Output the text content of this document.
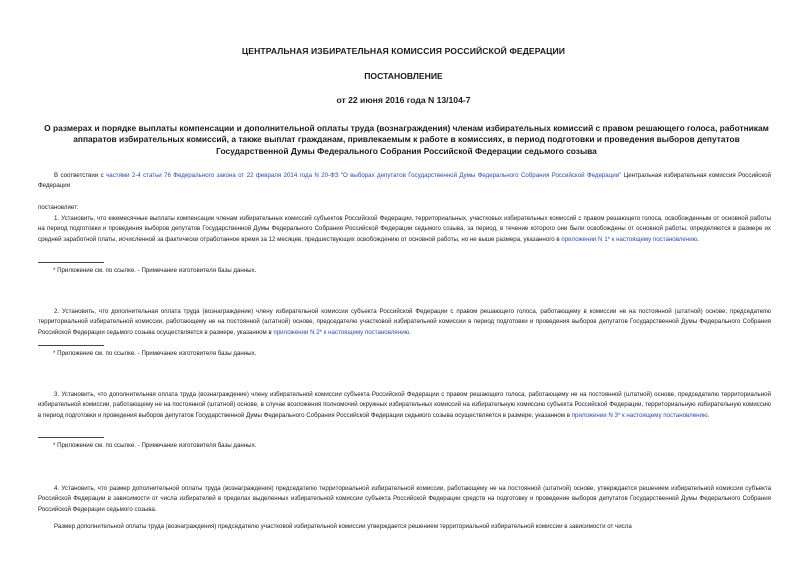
ЦЕНТРАЛЬНАЯ ИЗБИРАТЕЛЬНАЯ КОМИССИЯ РОССИЙСКОЙ ФЕДЕРАЦИИ
ПОСТАНОВЛЕНИЕ
от 22 июня 2016 года N 13/104-7
О размерах и порядке выплаты компенсации и дополнительной оплаты труда (вознаграждения) членам избирательных комиссий с правом решающего голоса, работникам аппаратов избирательных комиссий, а также выплат гражданам, привлекаемым к работе в комиссиях, в период подготовки и проведения выборов депутатов Государственной Думы Федерального Собрания Российской Федерации седьмого созыва
В соответствии с частями 2-4 статьи 76 Федерального закона от 22 февраля 2014 года N 20-ФЗ "О выборах депутатов Государственной Думы Федерального Собрания Российской Федерации" Центральная избирательная комиссия Российской Федерации
постановляет:
1. Установить, что ежемесячные выплаты компенсации членам избирательных комиссий субъектов Российской Федерации, территориальных, участковых избирательных комиссий с правом решающего голоса, освобожденным от основной работы на период подготовки и проведения выборов депутатов Государственной Думы Федерального Собрания Российской Федерации седьмого созыва, за период, в течение которого они были освобождены от основной работы, определяются в размере их средней заработной платы, исчисленной за фактически отработанное время за 12 месяцев, предшествующих освобождению от основной работы, но не выше размера, указанного в приложении N 1* к настоящему постановлению.
* Приложение см. по ссылке. - Примечание изготовителя базы данных.
2. Установить, что дополнительная оплата труда (вознаграждение) члену избирательной комиссии субъекта Российской Федерации с правом решающего голоса, работающему в комиссии не на постоянной (штатной) основе, председателю территориальной избирательной комиссии, работающему не на постоянной (штатной) основе, председателю участковой избирательной комиссии в период подготовки и проведения выборов депутатов Государственной Думы Федерального Собрания Российской Федерации седьмого созыва осуществляется в размере, указанном в приложении N 2* к настоящему постановлению.
* Приложение см. по ссылке. - Примечание изготовителя базы данных.
3. Установить, что дополнительная оплата труда (вознаграждение) члену избирательной комиссии субъекта Российской Федерации с правом решающего голоса, работающему не на постоянной (штатной) основе, председателю территориальной избирательной комиссии, работающему не на постоянной (штатной) основе, в случае возложения полномочий окружных избирательных комиссий на избирательную комиссию субъекта Российской Федерации, территориальную избирательную комиссию в период подготовки и проведения выборов депутатов Государственной Думы Федерального Собрания Российской Федерации седьмого созыва осуществляется в размере, указанном в приложении N 3* к настоящему постановлению.
* Приложение см. по ссылке. - Примечание изготовителя базы данных.
4. Установить, что размер дополнительной оплаты труда (вознаграждения) председателю территориальной избирательной комиссии, работающему не на постоянной (штатной) основе, утверждается решением избирательной комиссии субъекта Российской Федерации в зависимости от числа избирателей в пределах выделенных избирательной комиссии субъекта Российской Федерации средств на подготовку и проведение выборов депутатов Государственной Думы Федерального Собрания Российской Федерации седьмого созыва.
Размер дополнительной оплаты труда (вознаграждения) председателю участковой избирательной комиссии утверждается решением территориальной избирательной комиссии в зависимости от числа
